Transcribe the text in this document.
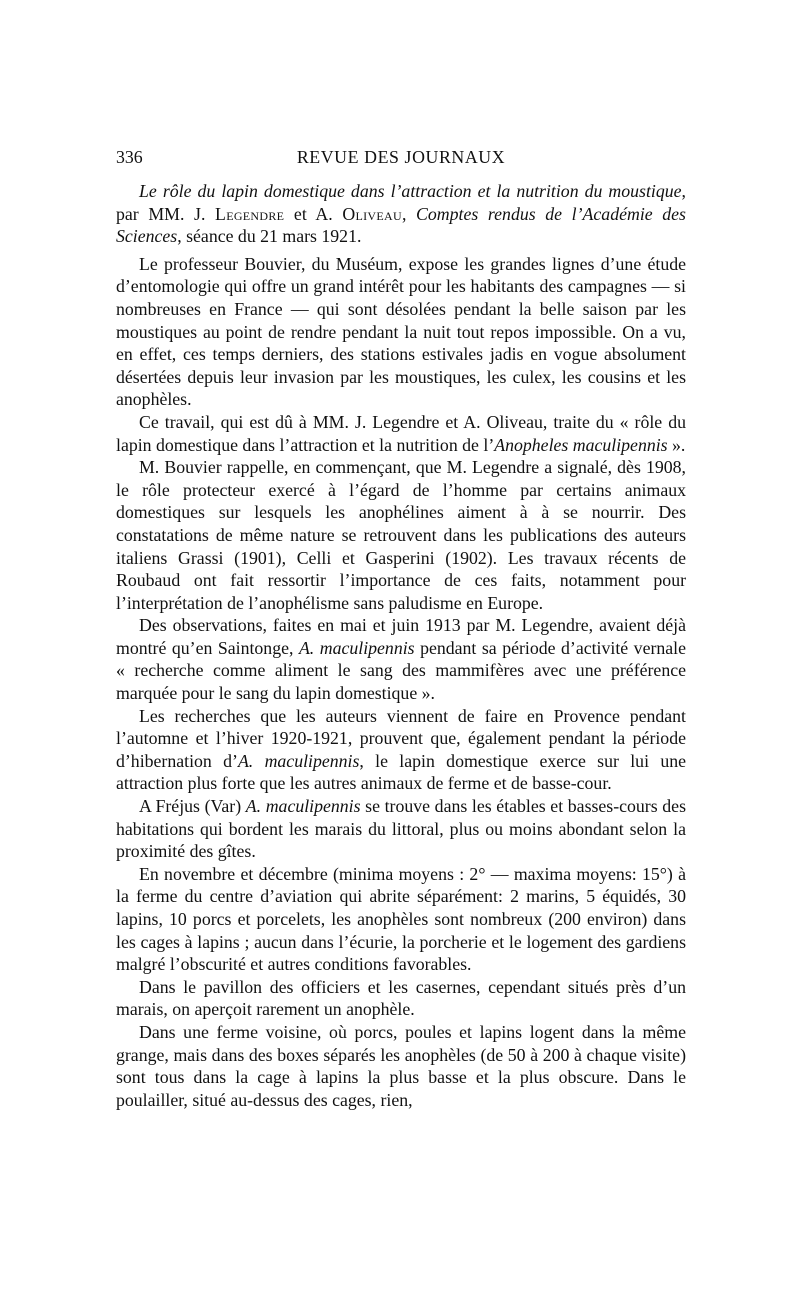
336	REVUE DES JOURNAUX

Le rôle du lapin domestique dans l’attraction et la nutrition du moustique, par MM. J. Legendre et A. Oliveau, Comptes rendus de l’Académie des Sciences, séance du 21 mars 1921.

Le professeur Bouvier, du Muséum, expose les grandes lignes d’une étude d’entomologie qui offre un grand intérêt pour les habitants des campagnes — si nombreuses en France — qui sont désolées pendant la belle saison par les moustiques au point de rendre pendant la nuit tout repos impossible. On a vu, en effet, ces temps derniers, des stations estivales jadis en vogue absolument désertées depuis leur invasion par les moustiques, les culex, les cousins et les anophèles.

Ce travail, qui est dû à MM. J. Legendre et A. Oliveau, traite du « rôle du lapin domestique dans l’attraction et la nutrition de l’Anopheles maculipennis ».

M. Bouvier rappelle, en commençant, que M. Legendre a signalé, dès 1908, le rôle protecteur exercé à l’égard de l’homme par certains animaux domestiques sur lesquels les anophélines aiment à à se nourrir. Des constatations de même nature se retrouvent dans les publications des auteurs italiens Grassi (1901), Celli et Gasperini (1902). Les travaux récents de Roubaud ont fait ressortir l’importance de ces faits, notamment pour l’interprétation de l’anophélisme sans paludisme en Europe.

Des observations, faites en mai et juin 1913 par M. Legendre, avaient déjà montré qu’en Saintonge, A. maculipennis pendant sa période d’activité vernale « recherche comme aliment le sang des mammifères avec une préférence marquée pour le sang du lapin domestique ».

Les recherches que les auteurs viennent de faire en Provence pendant l’automne et l’hiver 1920-1921, prouvent que, également pendant la période d’hibernation d’A. maculipennis, le lapin domestique exerce sur lui une attraction plus forte que les autres animaux de ferme et de basse-cour.

A Fréjus (Var) A. maculipennis se trouve dans les étables et basses-cours des habitations qui bordent les marais du littoral, plus ou moins abondant selon la proximité des gîtes.

En novembre et décembre (minima moyens : 2° — maxima moyens: 15°) à la ferme du centre d’aviation qui abrite séparément: 2 marins, 5 équidés, 30 lapins, 10 porcs et porcelets, les anophèles sont nombreux (200 environ) dans les cages à lapins ; aucun dans l’écurie, la porcherie et le logement des gardiens malgré l’obscurité et autres conditions favorables.

Dans le pavillon des officiers et les casernes, cependant situés près d’un marais, on aperçoit rarement un anophèle.

Dans une ferme voisine, où porcs, poules et lapins logent dans la même grange, mais dans des boxes séparés les anophèles (de 50 à 200 à chaque visite) sont tous dans la cage à lapins la plus basse et la plus obscure. Dans le poulailler, situé au-dessus des cages, rien,
